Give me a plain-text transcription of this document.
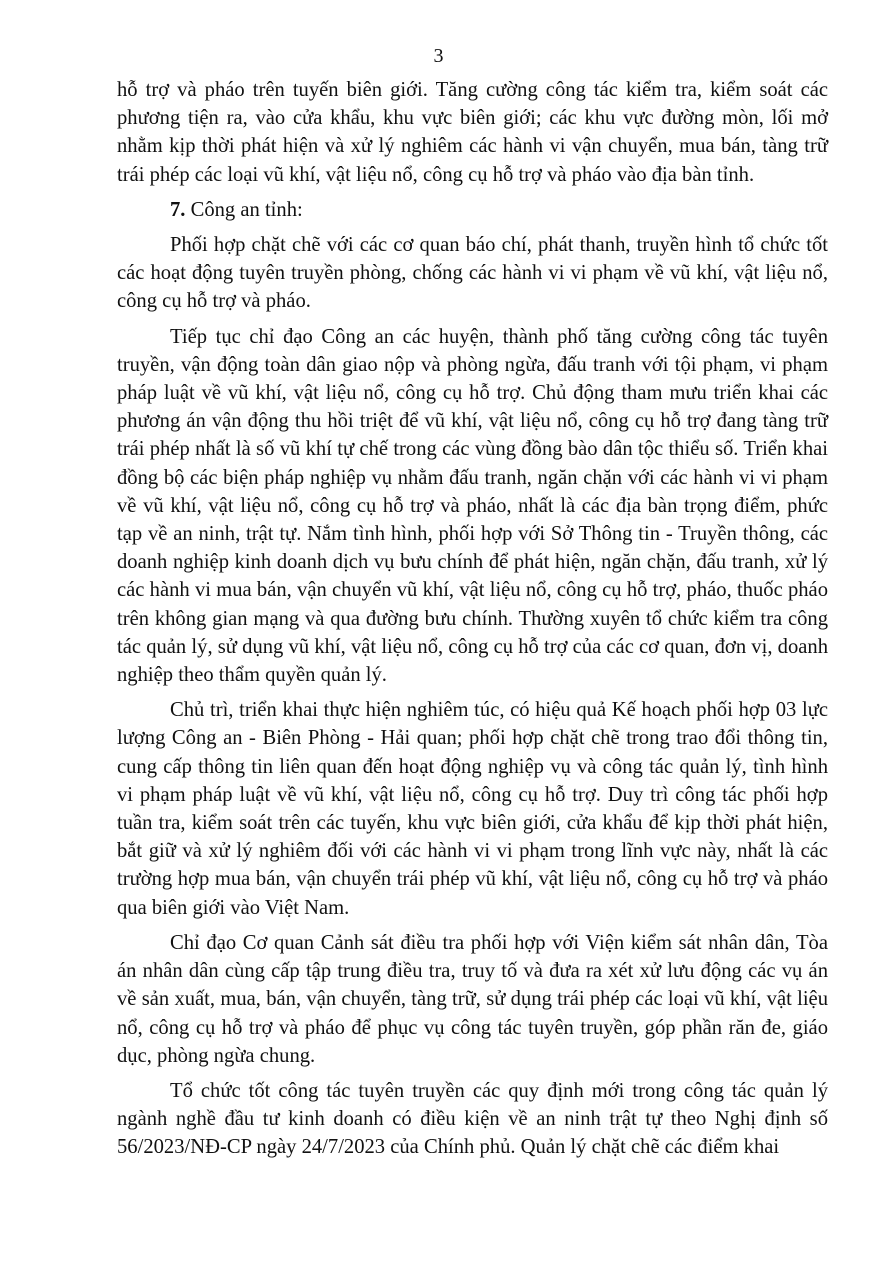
3

hỗ trợ và pháo trên tuyến biên giới. Tăng cường công tác kiểm tra, kiểm soát các phương tiện ra, vào cửa khẩu, khu vực biên giới; các khu vực đường mòn, lối mở nhằm kịp thời phát hiện và xử lý nghiêm các hành vi vận chuyển, mua bán, tàng trữ trái phép các loại vũ khí, vật liệu nổ, công cụ hỗ trợ và pháo vào địa bàn tỉnh.

7. Công an tỉnh:

Phối hợp chặt chẽ với các cơ quan báo chí, phát thanh, truyền hình tổ chức tốt các hoạt động tuyên truyền phòng, chống các hành vi vi phạm về vũ khí, vật liệu nổ, công cụ hỗ trợ và pháo.

Tiếp tục chỉ đạo Công an các huyện, thành phố tăng cường công tác tuyên truyền, vận động toàn dân giao nộp và phòng ngừa, đấu tranh với tội phạm, vi phạm pháp luật về vũ khí, vật liệu nổ, công cụ hỗ trợ. Chủ động tham mưu triển khai các phương án vận động thu hồi triệt để vũ khí, vật liệu nổ, công cụ hỗ trợ đang tàng trữ trái phép nhất là số vũ khí tự chế trong các vùng đồng bào dân tộc thiểu số. Triển khai đồng bộ các biện pháp nghiệp vụ nhằm đấu tranh, ngăn chặn với các hành vi vi phạm về vũ khí, vật liệu nổ, công cụ hỗ trợ và pháo, nhất là các địa bàn trọng điểm, phức tạp về an ninh, trật tự. Nắm tình hình, phối hợp với Sở Thông tin - Truyền thông, các doanh nghiệp kinh doanh dịch vụ bưu chính để phát hiện, ngăn chặn, đấu tranh, xử lý các hành vi mua bán, vận chuyển vũ khí, vật liệu nổ, công cụ hỗ trợ, pháo, thuốc pháo trên không gian mạng và qua đường bưu chính. Thường xuyên tổ chức kiểm tra công tác quản lý, sử dụng vũ khí, vật liệu nổ, công cụ hỗ trợ của các cơ quan, đơn vị, doanh nghiệp theo thẩm quyền quản lý.

Chủ trì, triển khai thực hiện nghiêm túc, có hiệu quả Kế hoạch phối hợp 03 lực lượng Công an - Biên Phòng - Hải quan; phối hợp chặt chẽ trong trao đổi thông tin, cung cấp thông tin liên quan đến hoạt động nghiệp vụ và công tác quản lý, tình hình vi phạm pháp luật về vũ khí, vật liệu nổ, công cụ hỗ trợ. Duy trì công tác phối hợp tuần tra, kiểm soát trên các tuyến, khu vực biên giới, cửa khẩu để kịp thời phát hiện, bắt giữ và xử lý nghiêm đối với các hành vi vi phạm trong lĩnh vực này, nhất là các trường hợp mua bán, vận chuyển trái phép vũ khí, vật liệu nổ, công cụ hỗ trợ và pháo qua biên giới vào Việt Nam.

Chỉ đạo Cơ quan Cảnh sát điều tra phối hợp với Viện kiểm sát nhân dân, Tòa án nhân dân cùng cấp tập trung điều tra, truy tố và đưa ra xét xử lưu động các vụ án về sản xuất, mua, bán, vận chuyển, tàng trữ, sử dụng trái phép các loại vũ khí, vật liệu nổ, công cụ hỗ trợ và pháo để phục vụ công tác tuyên truyền, góp phần răn đe, giáo dục, phòng ngừa chung.

Tổ chức tốt công tác tuyên truyền các quy định mới trong công tác quản lý ngành nghề đầu tư kinh doanh có điều kiện về an ninh trật tự theo Nghị định số 56/2023/NĐ-CP ngày 24/7/2023 của Chính phủ. Quản lý chặt chẽ các điểm khai
